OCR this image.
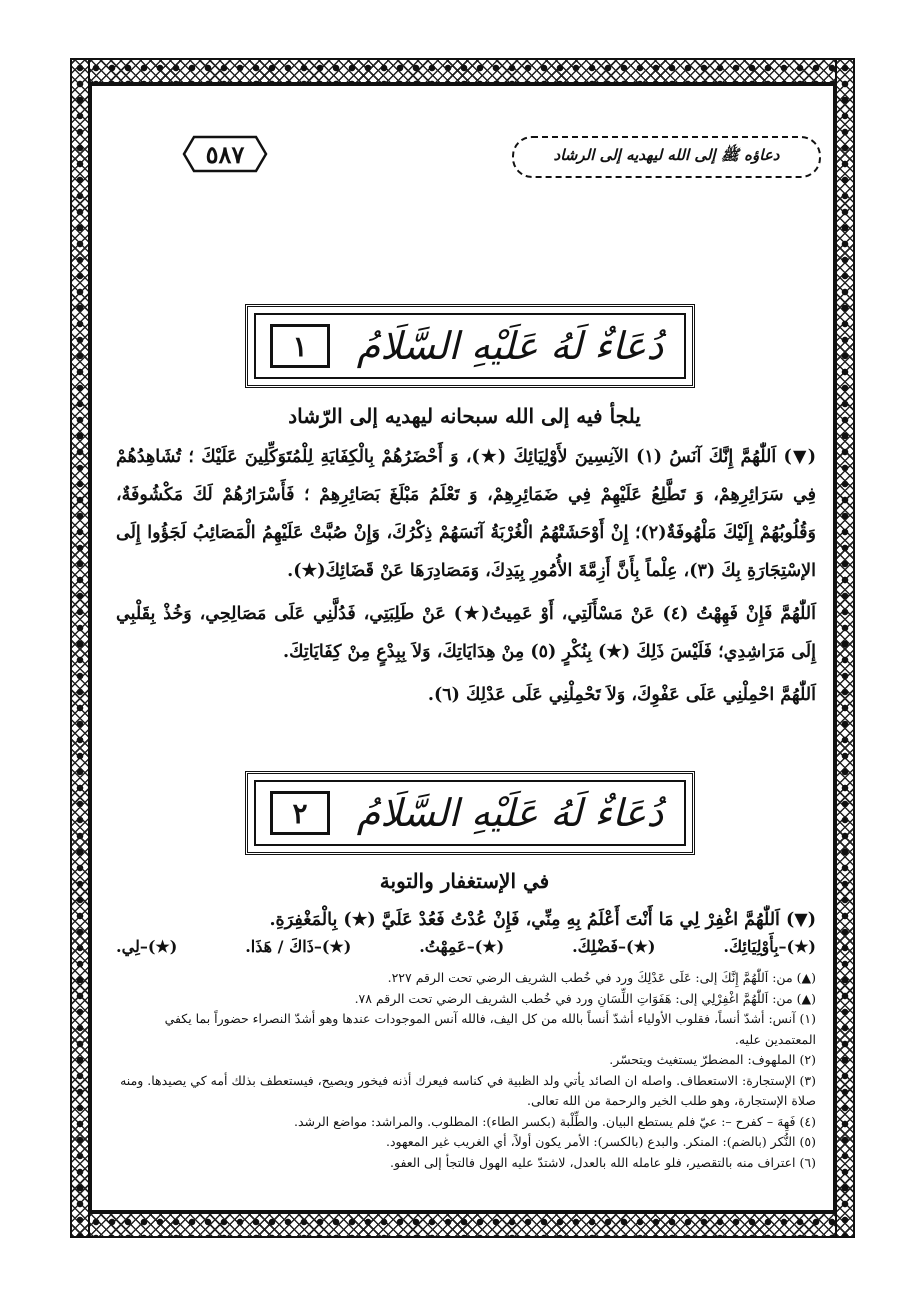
دعاؤه ﷺ إلى الله ليهديه إلى الرشاد
٥٨٧
دُعَاءٌ لَهُ عَلَيْهِ السَّلَامُ
١
يلجأ فيه إلى الله سبحانه ليهديه إلى الرّشاد
(▼) اَللّٰهُمَّ إِنَّكَ آنَسُ (١) الآنِسِينَ لأَوْلِيَائِكَ (★)، وَ أَحْضَرُهُمْ بِالْكِفَايَةِ لِلْمُتَوَكِّلِينَ عَلَيْكَ ؛ تُشَاهِدُهُمْ فِي سَرَائِرِهِمْ، وَ تَطَّلِعُ عَلَيْهِمْ فِي ضَمَائِرِهِمْ، وَ تَعْلَمُ مَبْلَغَ بَصَائِرِهِمْ ؛ فَأَسْرَارُهُمْ لَكَ مَكْشُوفَةٌ، وَقُلُوبُهُمْ إِلَيْكَ مَلْهُوفَةٌ(٢)؛ إِنْ أَوْحَشَتْهُمُ الْغُرْبَةُ آنَسَهُمْ ذِكْرُكَ، وَإِنْ صُبَّتْ عَلَيْهِمُ الْمَصَائِبُ لَجَؤُوا إِلَى الإسْتِجَارَةِ بِكَ (٣)، عِلْماً بِأَنَّ أَزِمَّةَ الأُمُورِ بِيَدِكَ، وَمَصَادِرَهَا عَنْ قَضَائِكَ(★).
اَللّٰهُمَّ فَإِنْ فَهِهْتُ (٤) عَنْ مَسْأَلَتِي، أَوْ عَمِيتُ(★) عَنْ طَلِبَتِي، فَدُلَّنِي عَلَى مَصَالِحِي، وَخُذْ بِقَلْبِي إِلَى مَرَاشِدِي؛ فَلَيْسَ ذَلِكَ (★) بِنُكْرٍ (٥) مِنْ هِدَايَاتِكَ، وَلاَ بِبِدْعٍ مِنْ كِفَايَاتِكَ.
اَللّٰهُمَّ احْمِلْنِي عَلَى عَفْوِكَ، وَلاَ تَحْمِلْنِي عَلَى عَدْلِكَ (٦).
دُعَاءٌ لَهُ عَلَيْهِ السَّلَامُ
٢
في الإستغفار والتوبة
(▼) اَللّٰهُمَّ اغْفِرْ لِي مَا أَنْتَ أَعْلَمُ بِهِ مِنِّي، فَإِنْ عُدْتُ فَعُدْ عَلَيَّ (★) بِالْمَغْفِرَةِ.
(★)–بِأَوْلِيَائِكَ.
(★)–فَضْلِكَ.
(★)–عَمِهْتُ.
(★)–ذَاكَ / هَذَا.
(★)–لِي.

(▲) من: اَللّٰهُمَّ إِنَّكَ إلى: عَلَى عَدْلِكَ ورد في خُطب الشريف الرضي تحت الرقم ٢٢٧.

(▲) من: اَللّٰهُمَّ اغْفِرْلِي إلى: هَفَوَاتِ اللِّسَانِ ورد في خُطب الشريف الرضي تحت الرقم ٧٨.

(١) آنس: أشدّ أنساً، فقلوب الأولياء أشدّ أنساً بالله من كل اليف، فالله آنس الموجودات عندها وهو أشدّ النصراء حضوراً بما يكفي المعتمدين عليه.

(٢) الملهوف: المضطرّ يستغيث ويتحسّر.

(٣) الإستجارة: الاستعطاف. واصله ان الصائد يأتي ولد الظبية في كناسه فيعرك أذنه فيخور ويصيح، فيستعطف بذلك أمه كي يصيدها. ومنه صلاة الإستجارة، وهو طلب الخير والرحمة من الله تعالى.

(٤) فَهِهَ – كفرح –: عيّ فلم يستطع البيان. والطِّلْبة (بكسر الطاء): المطلوب. والمراشد: مواضع الرشد.

(٥) النُّكر (بالضم): المنكر. والبدع (بالكسر): الأمر يكون أولاً، أي الغريب غير المعهود.

(٦) اعتراف منه بالتقصير، فلو عامله الله بالعدل، لاشتدّ عليه الهول فالتجأ إلى العفو.
